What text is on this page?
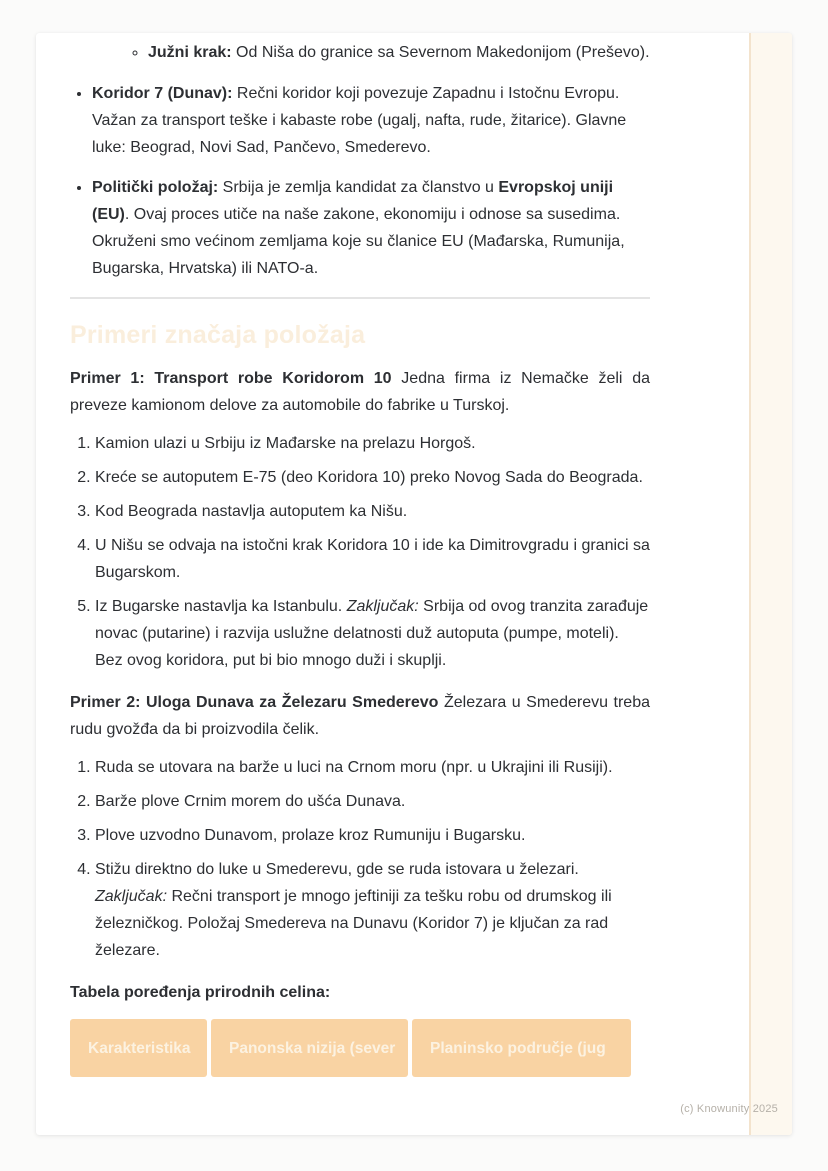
◦ Južni krak: Od Niša do granice sa Severnom Makedonijom (Preševo).
• Koridor 7 (Dunav): Rečni koridor koji povezuje Zapadnu i Istočnu Evropu. Važan za transport teške i kabaste robe (ugalj, nafta, rude, žitarice). Glavne luke: Beograd, Novi Sad, Pančevo, Smederevo.
• Politički položaj: Srbija je zemlja kandidat za članstvo u Evropskoj uniji (EU). Ovaj proces utiče na naše zakone, ekonomiju i odnose sa susedima. Okruženi smo većinom zemljama koje su članice EU (Mađarska, Rumunija, Bugarska, Hrvatska) ili NATO-a.
Primeri značaja položaja

Primer 1: Transport robe Koridorom 10 Jedna firma iz Nemačke želi da preveze kamionom delove za automobile do fabrike u Turskoj.

1. Kamion ulazi u Srbiju iz Mađarske na prelazu Horgoš.
2. Kreće se autoputem E-75 (deo Koridora 10) preko Novog Sada do Beograda.
3. Kod Beograda nastavlja autoputem ka Nišu.
4. U Nišu se odvaja na istočni krak Koridora 10 i ide ka Dimitrovgradu i granici sa Bugarskom.
5. Iz Bugarske nastavlja ka Istanbulu. Zaključak: Srbija od ovog tranzita zarađuje novac (putarine) i razvija uslužne delatnosti duž autoputa (pumpe, moteli). Bez ovog koridora, put bi bio mnogo duži i skuplji.

Primer 2: Uloga Dunava za Železaru Smederevo Železara u Smederevu treba rudu gvožđa da bi proizvodila čelik.

1. Ruda se utovara na barže u luci na Crnom moru (npr. u Ukrajini ili Rusiji).
2. Barže plove Crnim morem do ušća Dunava.
3. Plove uzvodno Dunavom, prolaze kroz Rumuniju i Bugarsku.
4. Stižu direktno do luke u Smederevu, gde se ruda istovara u železari. Zaključak: Rečni transport je mnogo jeftiniji za tešku robu od drumskog ili železničkog. Položaj Smedereva na Dunavu (Koridor 7) je ključan za rad železare.

Tabela poređenja prirodnih celina:

Karakteristika	Panonska nizija (sever	Planinsko područje (jug
(c) Knowunity 2025
